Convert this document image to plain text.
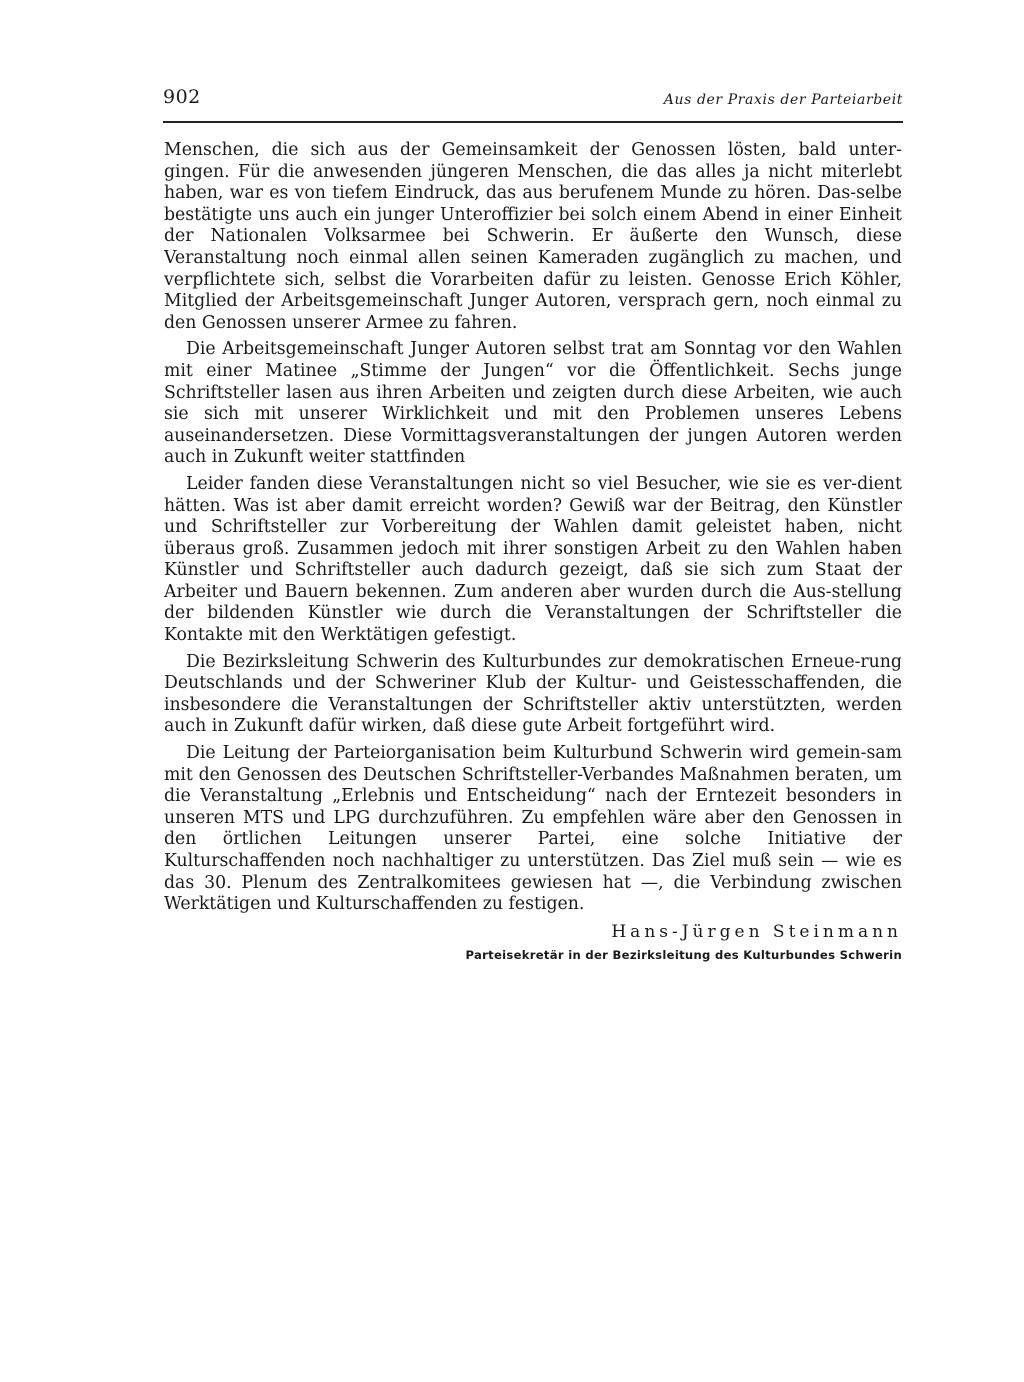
902	Aus der Praxis der Parteiarbeit

Menschen, die sich aus der Gemeinsamkeit der Genossen lösten, bald unter-gingen. Für die anwesenden jüngeren Menschen, die das alles ja nicht miterlebt haben, war es von tiefem Eindruck, das aus berufenem Munde zu hören. Das-selbe bestätigte uns auch ein junger Unteroffizier bei solch einem Abend in einer Einheit der Nationalen Volksarmee bei Schwerin. Er äußerte den Wunsch, diese Veranstaltung noch einmal allen seinen Kameraden zugänglich zu machen, und verpflichtete sich, selbst die Vorarbeiten dafür zu leisten. Genosse Erich Köhler, Mitglied der Arbeitsgemeinschaft Junger Autoren, versprach gern, noch einmal zu den Genossen unserer Armee zu fahren.

Die Arbeitsgemeinschaft Junger Autoren selbst trat am Sonntag vor den Wahlen mit einer Matinee „Stimme der Jungen“ vor die Öffentlichkeit. Sechs junge Schriftsteller lasen aus ihren Arbeiten und zeigten durch diese Arbeiten, wie auch sie sich mit unserer Wirklichkeit und mit den Problemen unseres Lebens auseinandersetzen. Diese Vormittagsveranstaltungen der jungen Autoren werden auch in Zukunft weiter stattfinden

Leider fanden diese Veranstaltungen nicht so viel Besucher, wie sie es ver-dient hätten. Was ist aber damit erreicht worden? Gewiß war der Beitrag, den Künstler und Schriftsteller zur Vorbereitung der Wahlen damit geleistet haben, nicht überaus groß. Zusammen jedoch mit ihrer sonstigen Arbeit zu den Wahlen haben Künstler und Schriftsteller auch dadurch gezeigt, daß sie sich zum Staat der Arbeiter und Bauern bekennen. Zum anderen aber wurden durch die Aus-stellung der bildenden Künstler wie durch die Veranstaltungen der Schriftsteller die Kontakte mit den Werktätigen gefestigt.

Die Bezirksleitung Schwerin des Kulturbundes zur demokratischen Erneue-rung Deutschlands und der Schweriner Klub der Kultur- und Geistesschaffenden, die insbesondere die Veranstaltungen der Schriftsteller aktiv unterstützten, werden auch in Zukunft dafür wirken, daß diese gute Arbeit fortgeführt wird.

Die Leitung der Parteiorganisation beim Kulturbund Schwerin wird gemein-sam mit den Genossen des Deutschen Schriftsteller-Verbandes Maßnahmen beraten, um die Veranstaltung „Erlebnis und Entscheidung“ nach der Erntezeit besonders in unseren MTS und LPG durchzuführen. Zu empfehlen wäre aber den Genossen in den örtlichen Leitungen unserer Partei, eine solche Initiative der Kulturschaffenden noch nachhaltiger zu unterstützen. Das Ziel muß sein — wie es das 30. Plenum des Zentralkomitees gewiesen hat —, die Verbindung zwischen Werktätigen und Kulturschaffenden zu festigen.

Hans-Jürgen Steinmann
Parteisekretär in der Bezirksleitung des Kulturbundes Schwerin
